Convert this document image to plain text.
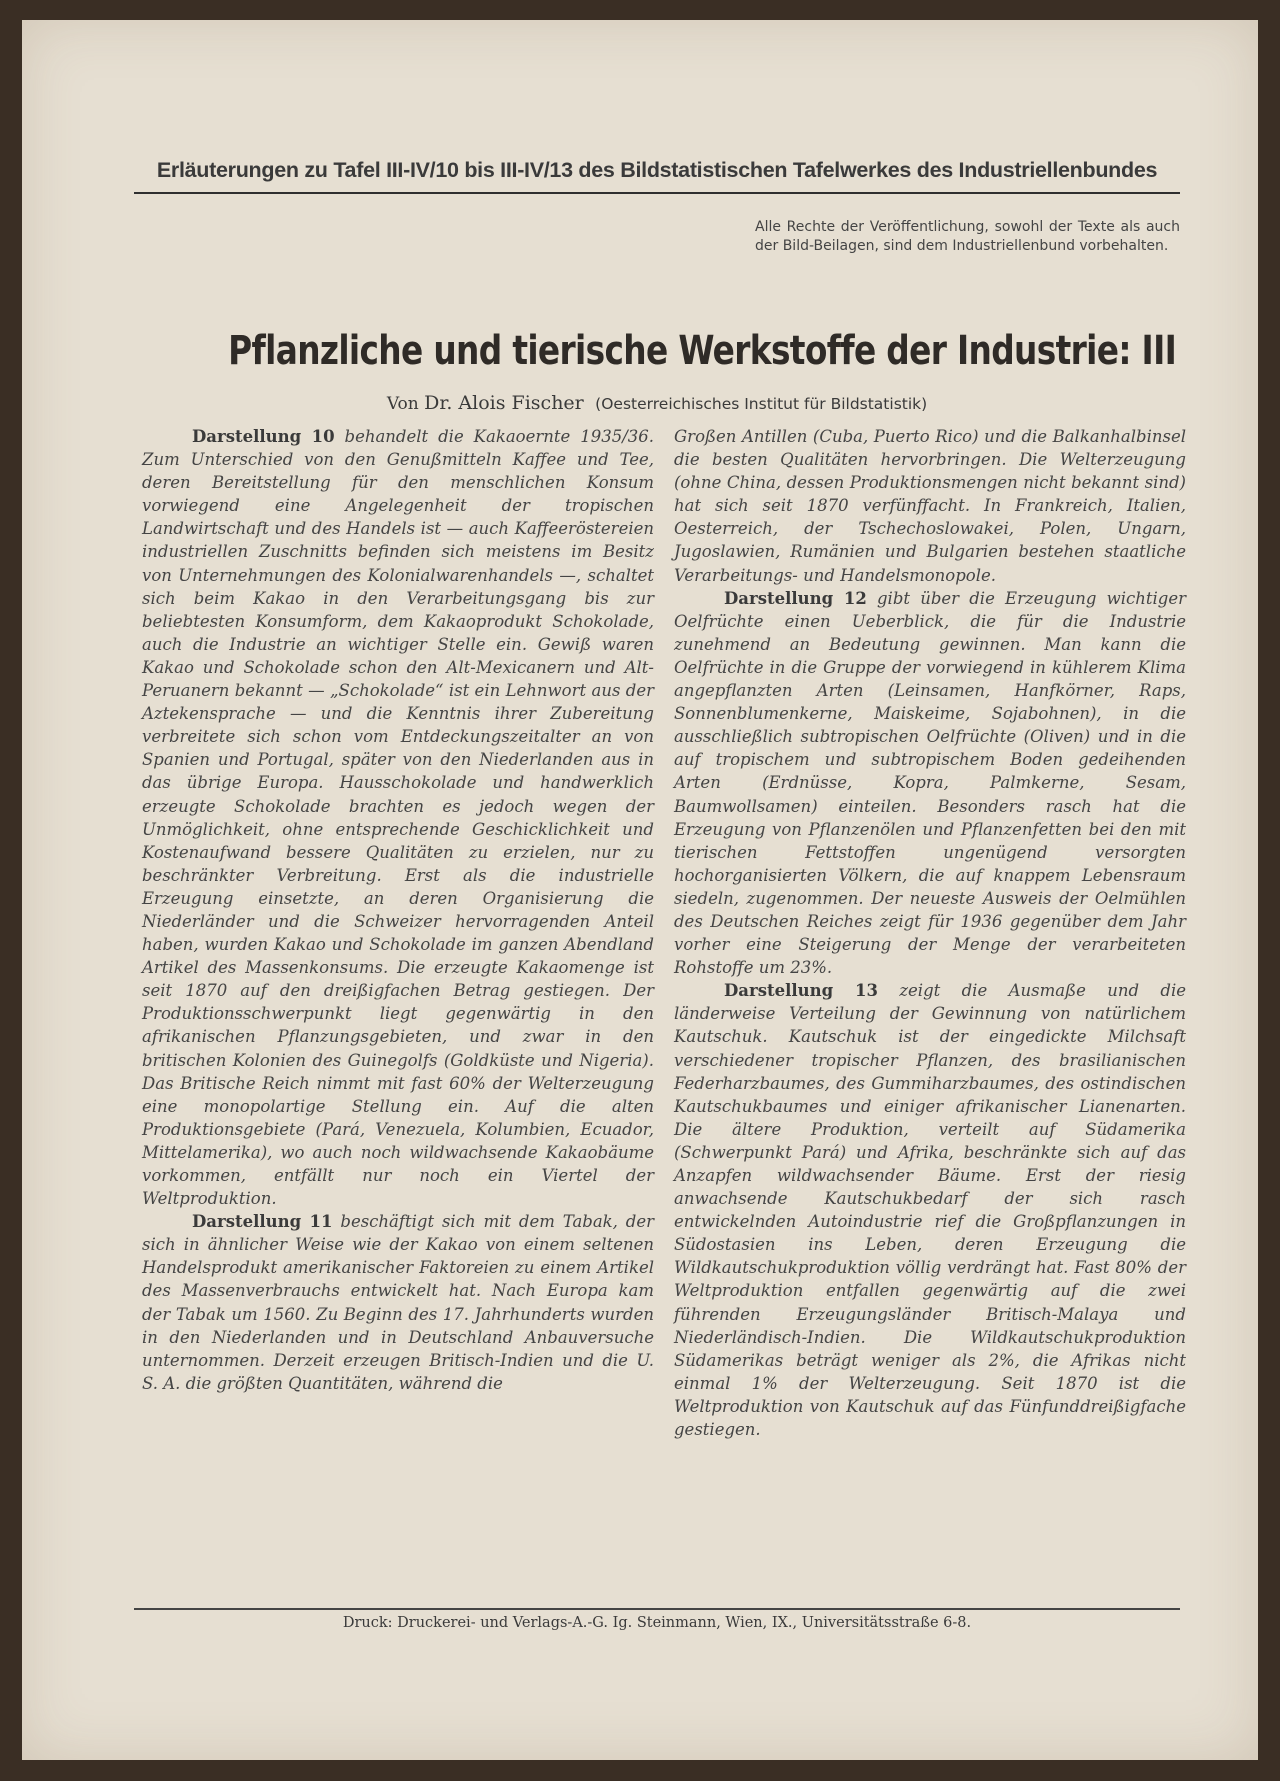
Erläuterungen zu Tafel III-IV/10 bis III-IV/13 des Bildstatistischen Tafelwerkes des Industriellenbundes
Alle Rechte der Veröffentlichung, sowohl der Texte als auch der Bild-Beilagen, sind dem Industriellenbund vorbehalten.
Pflanzliche und tierische Werkstoffe der Industrie: III
Von Dr. Alois Fischer (Oesterreichisches Institut für Bildstatistik)

Darstellung 10 behandelt die Kakaoernte 1935/36. Zum Unterschied von den Genußmitteln Kaffee und Tee, deren Bereitstellung für den menschlichen Konsum vorwiegend eine Angelegenheit der tropischen Landwirtschaft und des Handels ist — auch Kaffeeröstereien industriellen Zuschnitts befinden sich meistens im Besitz von Unternehmungen des Kolonialwarenhandels —, schaltet sich beim Kakao in den Verarbeitungsgang bis zur beliebtesten Konsumform, dem Kakaoprodukt Schokolade, auch die Industrie an wichtiger Stelle ein. Gewiß waren Kakao und Schokolade schon den Alt-Mexicanern und Alt-Peruanern bekannt — „Schokolade“ ist ein Lehnwort aus der Aztekensprache — und die Kenntnis ihrer Zubereitung verbreitete sich schon vom Entdeckungszeitalter an von Spanien und Portugal, später von den Niederlanden aus in das übrige Europa. Hausschokolade und handwerklich erzeugte Schokolade brachten es jedoch wegen der Unmöglichkeit, ohne entsprechende Geschicklichkeit und Kostenaufwand bessere Qualitäten zu erzielen, nur zu beschränkter Verbreitung. Erst als die industrielle Erzeugung einsetzte, an deren Organisierung die Niederländer und die Schweizer hervorragenden Anteil haben, wurden Kakao und Schokolade im ganzen Abendland Artikel des Massenkonsums. Die erzeugte Kakaomenge ist seit 1870 auf den dreißigfachen Betrag gestiegen. Der Produktionsschwerpunkt liegt gegenwärtig in den afrikanischen Pflanzungsgebieten, und zwar in den britischen Kolonien des Guinegolfs (Goldküste und Nigeria). Das Britische Reich nimmt mit fast 60% der Welterzeugung eine monopolartige Stellung ein. Auf die alten Produktionsgebiete (Pará, Venezuela, Kolumbien, Ecuador, Mittelamerika), wo auch noch wildwachsende Kakaobäume vorkommen, entfällt nur noch ein Viertel der Weltproduktion.

Darstellung 11 beschäftigt sich mit dem Tabak, der sich in ähnlicher Weise wie der Kakao von einem seltenen Handelsprodukt amerikanischer Faktoreien zu einem Artikel des Massenverbrauchs entwickelt hat. Nach Europa kam der Tabak um 1560. Zu Beginn des 17. Jahrhunderts wurden in den Niederlanden und in Deutschland Anbauversuche unternommen. Derzeit erzeugen Britisch-Indien und die U. S. A. die größten Quantitäten, während die

Großen Antillen (Cuba, Puerto Rico) und die Balkanhalbinsel die besten Qualitäten hervorbringen. Die Welterzeugung (ohne China, dessen Produktionsmengen nicht bekannt sind) hat sich seit 1870 verfünffacht. In Frankreich, Italien, Oesterreich, der Tschechoslowakei, Polen, Ungarn, Jugoslawien, Rumänien und Bulgarien bestehen staatliche Verarbeitungs- und Handelsmonopole.

Darstellung 12 gibt über die Erzeugung wichtiger Oelfrüchte einen Ueberblick, die für die Industrie zunehmend an Bedeutung gewinnen. Man kann die Oelfrüchte in die Gruppe der vorwiegend in kühlerem Klima angepflanzten Arten (Leinsamen, Hanfkörner, Raps, Sonnenblumenkerne, Maiskeime, Sojabohnen), in die ausschließlich subtropischen Oelfrüchte (Oliven) und in die auf tropischem und subtropischem Boden gedeihenden Arten (Erdnüsse, Kopra, Palmkerne, Sesam, Baumwollsamen) einteilen. Besonders rasch hat die Erzeugung von Pflanzenölen und Pflanzenfetten bei den mit tierischen Fettstoffen ungenügend versorgten hochorganisierten Völkern, die auf knappem Lebensraum siedeln, zugenommen. Der neueste Ausweis der Oelmühlen des Deutschen Reiches zeigt für 1936 gegenüber dem Jahr vorher eine Steigerung der Menge der verarbeiteten Rohstoffe um 23%.

Darstellung 13 zeigt die Ausmaße und die länderweise Verteilung der Gewinnung von natürlichem Kautschuk. Kautschuk ist der eingedickte Milchsaft verschiedener tropischer Pflanzen, des brasilianischen Federharzbaumes, des Gummiharzbaumes, des ostindischen Kautschukbaumes und einiger afrikanischer Lianenarten. Die ältere Produktion, verteilt auf Südamerika (Schwerpunkt Pará) und Afrika, beschränkte sich auf das Anzapfen wildwachsender Bäume. Erst der riesig anwachsende Kautschukbedarf der sich rasch entwickelnden Autoindustrie rief die Großpflanzungen in Südostasien ins Leben, deren Erzeugung die Wildkautschukproduktion völlig verdrängt hat. Fast 80% der Weltproduktion entfallen gegenwärtig auf die zwei führenden Erzeugungsländer Britisch-Malaya und Niederländisch-Indien. Die Wildkautschukproduktion Südamerikas beträgt weniger als 2%, die Afrikas nicht einmal 1% der Welterzeugung. Seit 1870 ist die Weltproduktion von Kautschuk auf das Fünfunddreißigfache gestiegen.

Druck: Druckerei- und Verlags-A.-G. Ig. Steinmann, Wien, IX., Universitätsstraße 6-8.
